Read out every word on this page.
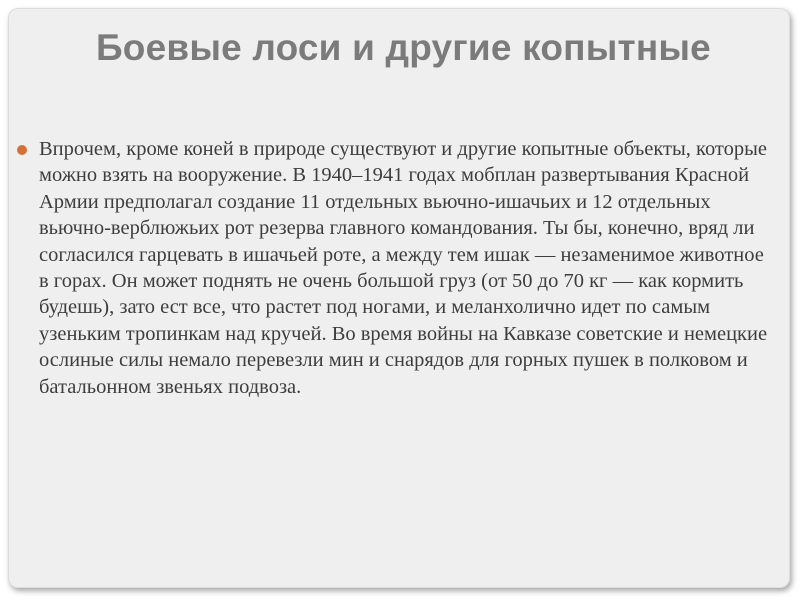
Боевые лоси и другие копытные

Впрочем, кроме коней в природе существуют и другие копытные объекты, которые можно взять на вооружение. В 1940–1941 годах мобплан развертывания Красной Армии предполагал создание 11 отдельных вьючно-ишачьих и 12 отдельных вьючно-верблюжьих рот резерва главного командования. Ты бы, конечно, вряд ли согласился гарцевать в ишачьей роте, а между тем ишак — незаменимое животное в горах. Он может поднять не очень большой груз (от 50 до 70 кг — как кормить будешь), зато ест все, что растет под ногами, и меланхолично идет по самым узеньким тропинкам над кручей. Во время войны на Кавказе советские и немецкие ослиные силы немало перевезли мин и снарядов для горных пушек в полковом и батальонном звеньях подвоза.
